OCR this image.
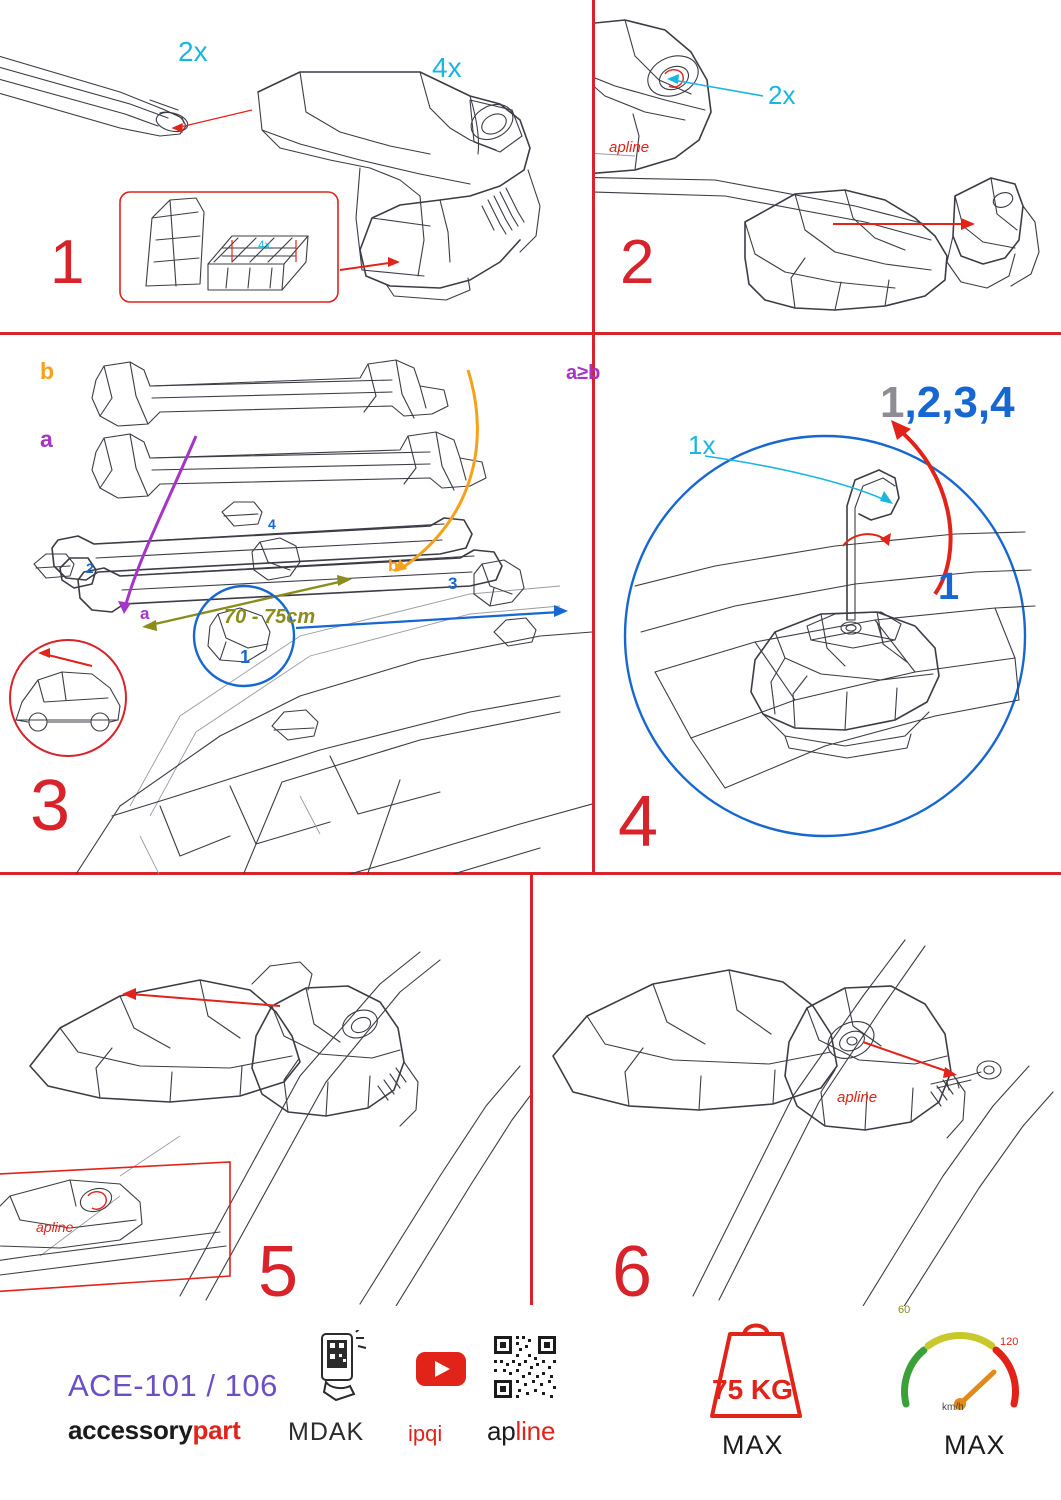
1
2x
4x
4x
apline
2
2x
3
b
a
a
b
70 - 75cm
1
2
3
4
4
a≥b
1x
1,2,3,4
1
apline
5
apline
6
ACE-101 / 106
accessorypart MDAK ipqi apline
75 KG
MAX
60
120
km/h
MAX
